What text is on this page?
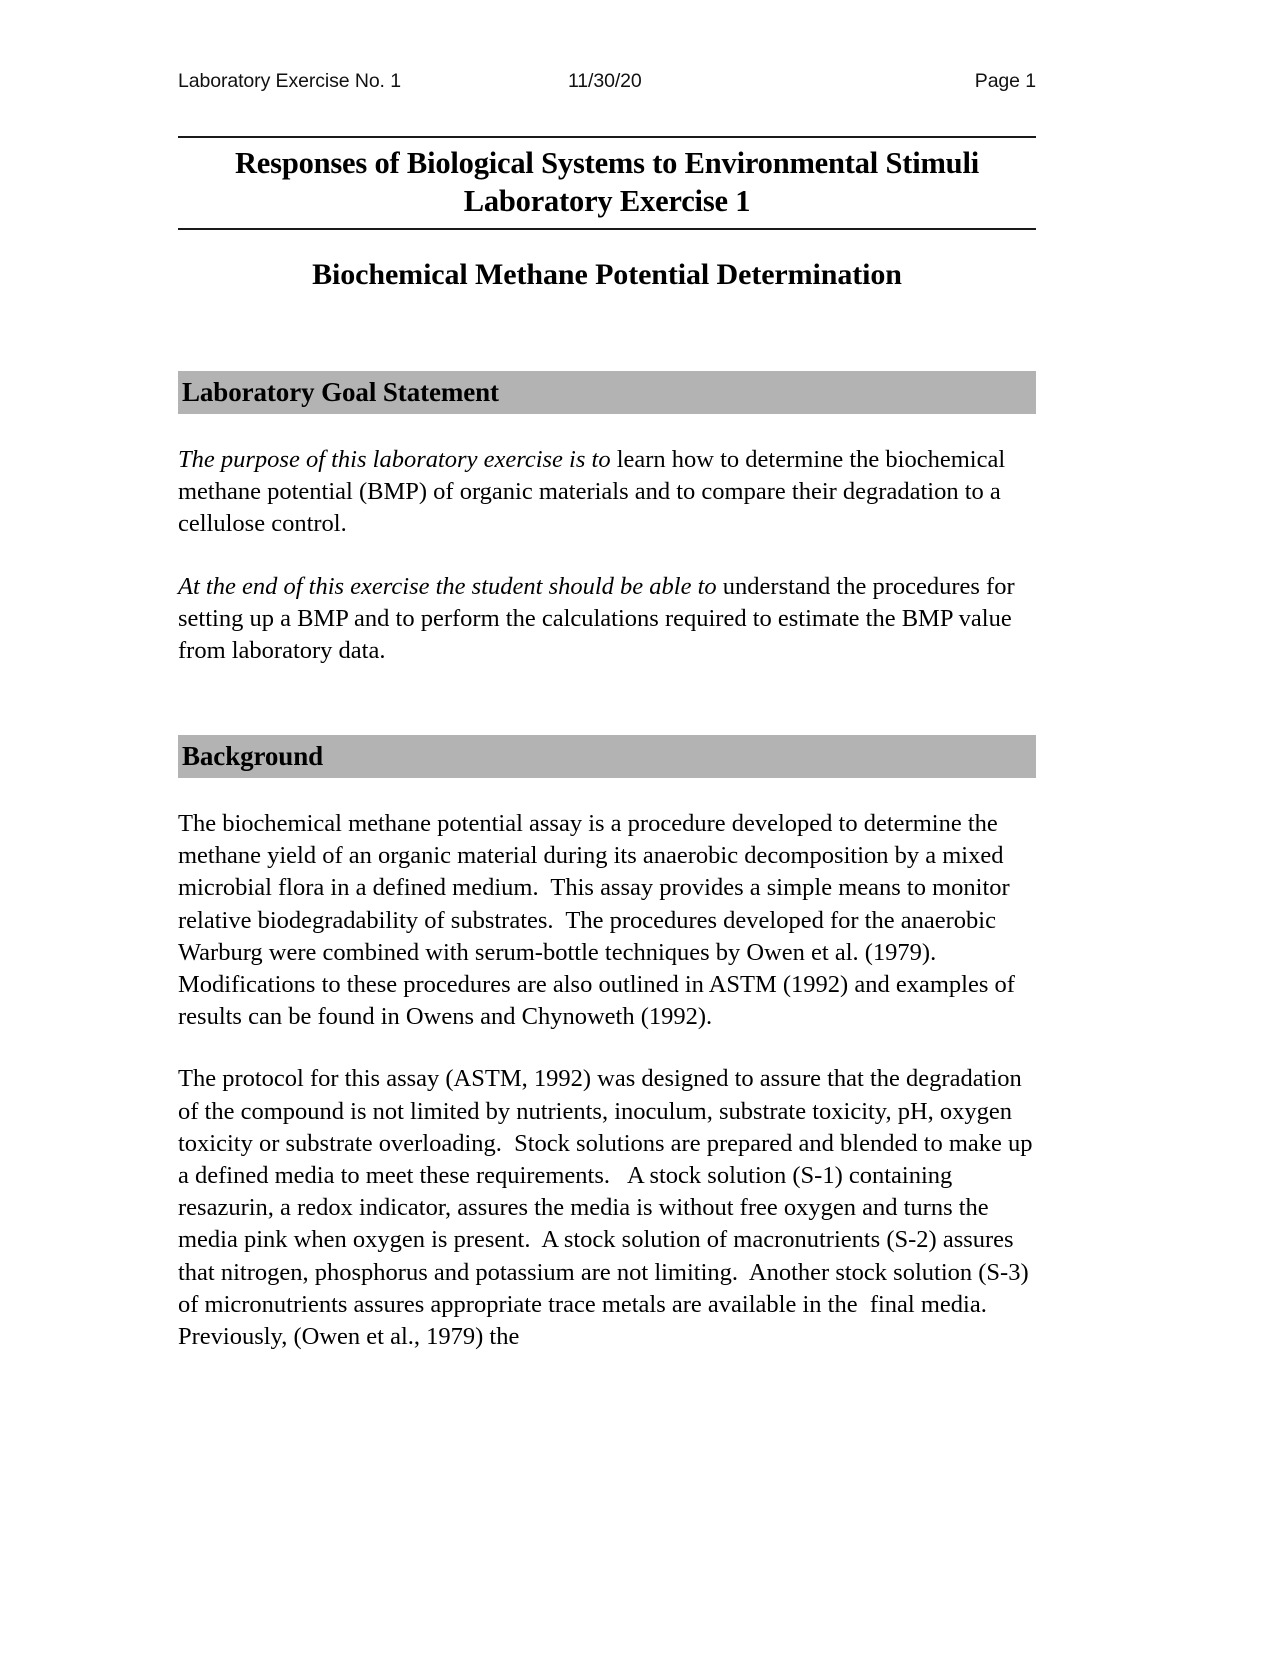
Laboratory Exercise No. 1	11/30/20	Page 1
Responses of Biological Systems to Environmental Stimuli
Laboratory Exercise 1
Biochemical Methane Potential Determination
Laboratory Goal Statement

The purpose of this laboratory exercise is to learn how to determine the biochemical methane potential (BMP) of organic materials and to compare their degradation to a cellulose control.

At the end of this exercise the student should be able to understand the procedures for setting up a BMP and to perform the calculations required to estimate the BMP value from laboratory data.

Background

The biochemical methane potential assay is a procedure developed to determine the methane yield of an organic material during its anaerobic decomposition by a mixed microbial flora in a defined medium.  This assay provides a simple means to monitor relative biodegradability of substrates.  The procedures developed for the anaerobic Warburg were combined with serum-bottle techniques by Owen et al. (1979).  Modifications to these procedures are also outlined in ASTM (1992) and examples of results can be found in Owens and Chynoweth (1992).

The protocol for this assay (ASTM, 1992) was designed to assure that the degradation of the compound is not limited by nutrients, inoculum, substrate toxicity, pH, oxygen toxicity or substrate overloading.  Stock solutions are prepared and blended to make up a defined media to meet these requirements.   A stock solution (S-1) containing resazurin, a redox indicator, assures the media is without free oxygen and turns the media pink when oxygen is present.  A stock solution of macronutrients (S-2) assures that nitrogen, phosphorus and potassium are not limiting.  Another stock solution (S-3) of micronutrients assures appropriate trace metals are available in the  final media.  Previously, (Owen et al., 1979) the
